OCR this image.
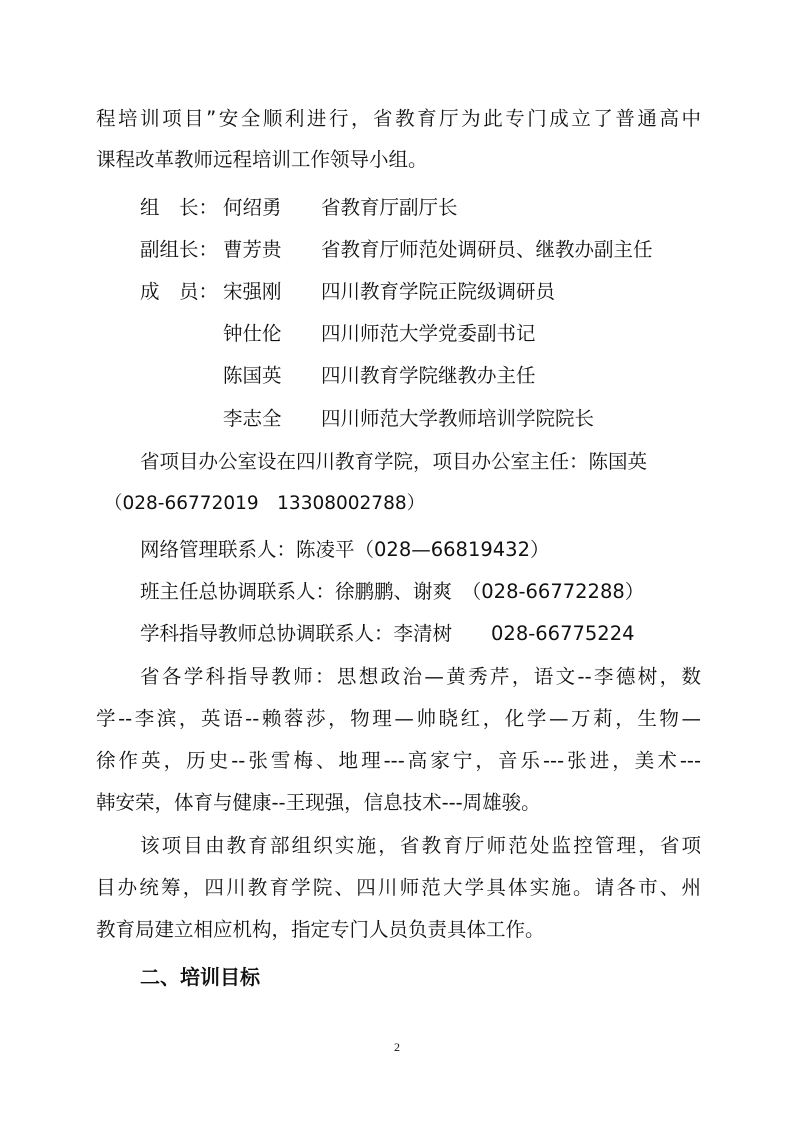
程培训项目”安全顺利进行，省教育厅为此专门成立了普通高中
课程改革教师远程培训工作领导小组。
组　长： 何绍勇 省教育厅副厅长
副组长： 曹芳贵 省教育厅师范处调研员、继教办副主任
成　员： 宋强刚 四川教育学院正院级调研员
钟仕伦 四川师范大学党委副书记
陈国英 四川教育学院继教办主任
李志全 四川师范大学教师培训学院院长
省项目办公室设在四川教育学院，项目办公室主任：陈国英
（028-66772019　13308002788）
网络管理联系人：陈凌平（028—66819432）
班主任总协调联系人：徐鹏鹏、谢爽　（028-66772288）
学科指导教师总协调联系人：李清树　　028-66775224
省各学科指导教师：思想政治—黄秀芹，语文--李德树，数
学--李滨，英语--赖蓉莎，物理—帅晓红，化学—万莉，生物—
徐作英，历史--张雪梅、地理---高家宁，音乐---张进，美术---
韩安荣，体育与健康--王现强，信息技术---周雄骏。
该项目由教育部组织实施，省教育厅师范处监控管理，省项
目办统筹，四川教育学院、四川师范大学具体实施。请各市、州
教育局建立相应机构，指定专门人员负责具体工作。
二、培训目标
2
